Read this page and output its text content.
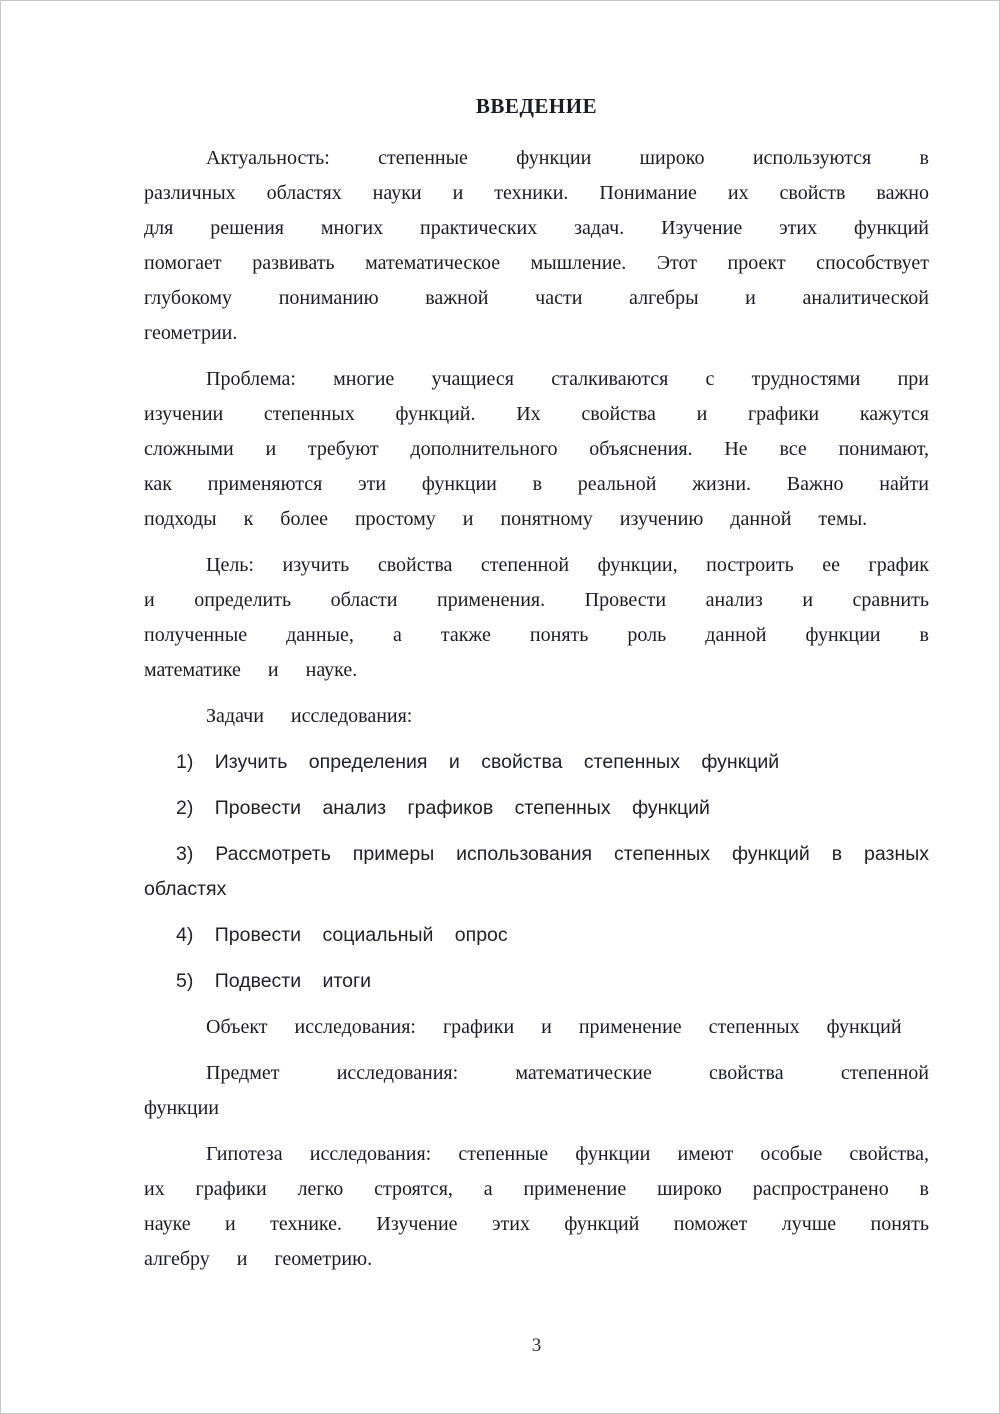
ВВЕДЕНИЕ

Актуальность: степенные функции широко используются в различных областях науки и техники. Понимание их свойств важно для решения многих практических задач. Изучение этих функций помогает развивать математическое мышление. Этот проект способствует глубокому пониманию важной части алгебры и аналитической геометрии.

Проблема: многие учащиеся сталкиваются с трудностями при изучении степенных функций. Их свойства и графики кажутся сложными и требуют дополнительного объяснения. Не все понимают, как применяются эти функции в реальной жизни. Важно найти подходы к более простому и понятному изучению данной темы.

Цель: изучить свойства степенной функции, построить ее график и определить области применения. Провести анализ и сравнить полученные данные, а также понять роль данной функции в математике и науке.

Задачи исследования:

1) Изучить определения и свойства степенных функций

2) Провести анализ графиков степенных функций

3) Рассмотреть примеры использования степенных функций в разных областях

4) Провести социальный опрос

5) Подвести итоги

Объект исследования: графики и применение степенных функций

Предмет исследования: математические свойства степенной функции

Гипотеза исследования: степенные функции имеют особые свойства, их графики легко строятся, а применение широко распространено в науке и технике. Изучение этих функций поможет лучше понять алгебру и геометрию.

3
